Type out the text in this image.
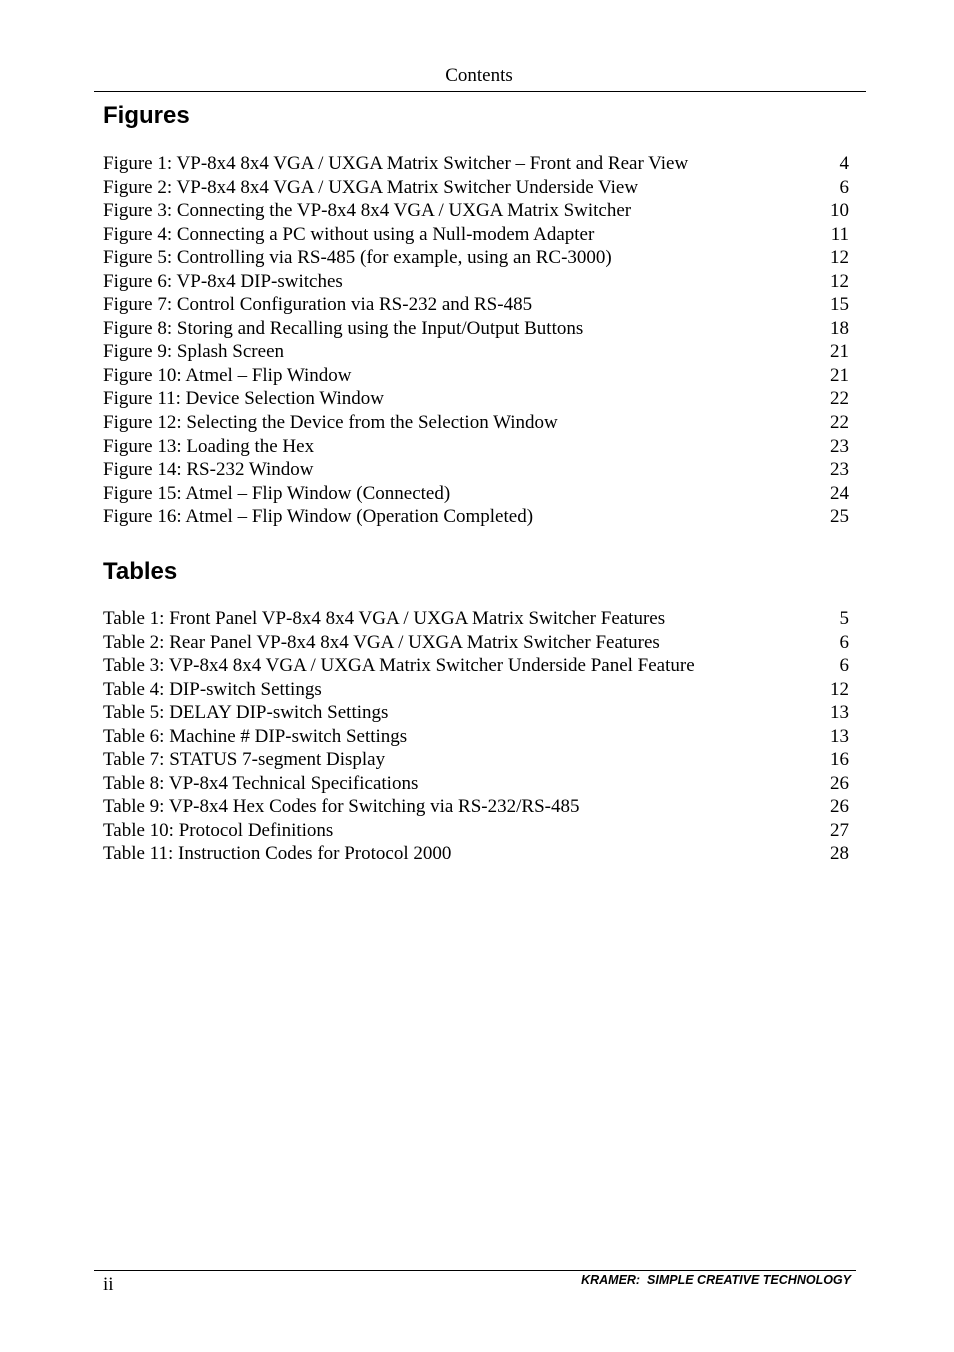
Contents
Figures
Figure 1: VP-8x4 8x4 VGA / UXGA Matrix Switcher – Front and Rear View	4
Figure 2: VP-8x4 8x4 VGA / UXGA Matrix Switcher Underside View	6
Figure 3: Connecting the VP-8x4 8x4 VGA / UXGA Matrix Switcher	10
Figure 4: Connecting a PC without using a Null-modem Adapter	11
Figure 5: Controlling via RS-485 (for example, using an RC-3000)	12
Figure 6: VP-8x4 DIP-switches	12
Figure 7: Control Configuration via RS-232 and RS-485	15
Figure 8: Storing and Recalling using the Input/Output Buttons	18
Figure 9: Splash Screen	21
Figure 10: Atmel – Flip Window	21
Figure 11: Device Selection Window	22
Figure 12: Selecting the Device from the Selection Window	22
Figure 13: Loading the Hex	23
Figure 14: RS-232 Window	23
Figure 15: Atmel – Flip Window (Connected)	24
Figure 16: Atmel – Flip Window (Operation Completed)	25
Tables
Table 1: Front Panel VP-8x4 8x4 VGA / UXGA Matrix Switcher Features	5
Table 2: Rear Panel VP-8x4 8x4 VGA / UXGA Matrix Switcher Features	6
Table 3: VP-8x4 8x4 VGA / UXGA Matrix Switcher Underside Panel Feature	6
Table 4: DIP-switch Settings	12
Table 5: DELAY DIP-switch Settings	13
Table 6: Machine # DIP-switch Settings	13
Table 7: STATUS 7-segment Display	16
Table 8: VP-8x4 Technical Specifications	26
Table 9: VP-8x4 Hex Codes for Switching via RS-232/RS-485	26
Table 10: Protocol Definitions	27
Table 11: Instruction Codes for Protocol 2000	28
ii	KRAMER:  SIMPLE CREATIVE TECHNOLOGY
